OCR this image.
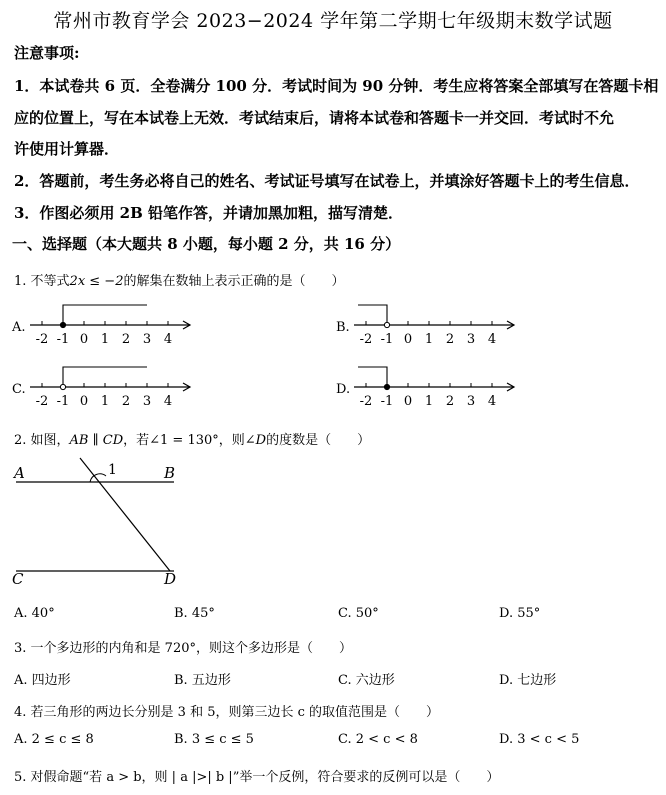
常州市教育学会 2023−2024 学年第二学期七年级期末数学试题
注意事项:
1．本试卷共 6 页．全卷满分 100 分．考试时间为 90 分钟．考生应将答案全部填写在答题卡相
应的位置上，写在本试卷上无效．考试结束后，请将本试卷和答题卡一并交回．考试时不允
许使用计算器．
2．答题前，考生务必将自己的姓名、考试证号填写在试卷上，并填涂好答题卡上的考生信息．
3．作图必须用 2B 铅笔作答，并请加黑加粗，描写清楚．
一、选择题（本大题共 8 小题，每小题 2 分，共 16 分）
1. 不等式2x ≤ −2的解集在数轴上表示正确的是（　　）
A.
-2 -1 0 1 2 3 4
B.
-2 -1 0 1 2 3 4
C.
-2 -1 0 1 2 3 4
D.
-2 -1 0 1 2 3 4
2. 如图，AB ∥ CD，若∠1 = 130°，则∠D的度数是（　　）
A	B
C	D
1
A. 40°	B. 45°	C. 50°	D. 55°
3. 一个多边形的内角和是 720°，则这个多边形是（　　）
A. 四边形	B. 五边形	C. 六边形	D. 七边形
4. 若三角形的两边长分别是 3 和 5，则第三边长 c 的取值范围是（　　）
A. 2 ≤ c ≤ 8	B. 3 ≤ c ≤ 5	C. 2 < c < 8	D. 3 < c < 5
5. 对假命题“若 a > b，则 | a |>| b |”举一个反例，符合要求的反例可以是（　　）
